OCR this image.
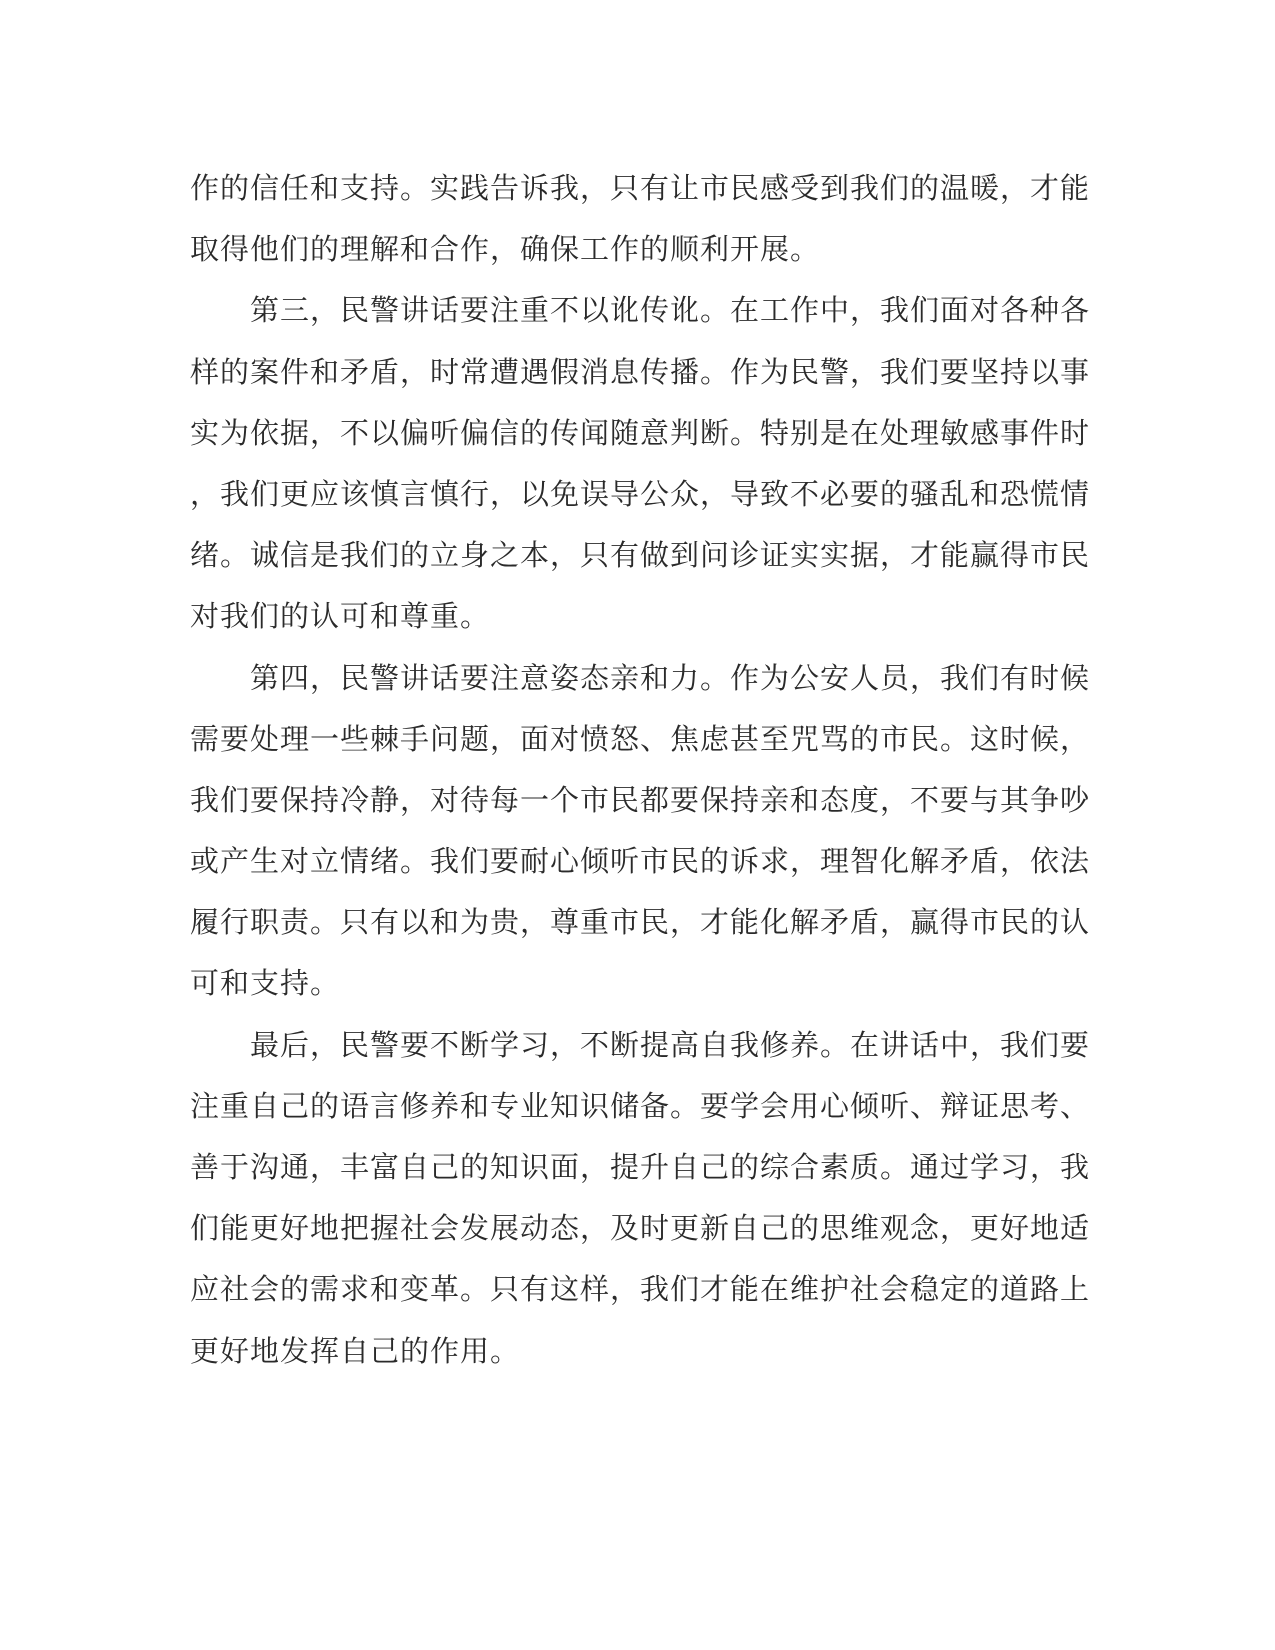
作的信任和支持。实践告诉我，只有让市民感受到我们的温暖，才能
取得他们的理解和合作，确保工作的顺利开展。
　　第三，民警讲话要注重不以讹传讹。在工作中，我们面对各种各
样的案件和矛盾，时常遭遇假消息传播。作为民警，我们要坚持以事
实为依据，不以偏听偏信的传闻随意判断。特别是在处理敏感事件时
，我们更应该慎言慎行，以免误导公众，导致不必要的骚乱和恐慌情
绪。诚信是我们的立身之本，只有做到问诊证实实据，才能赢得市民
对我们的认可和尊重。
　　第四，民警讲话要注意姿态亲和力。作为公安人员，我们有时候
需要处理一些棘手问题，面对愤怒、焦虑甚至咒骂的市民。这时候，
我们要保持冷静，对待每一个市民都要保持亲和态度，不要与其争吵
或产生对立情绪。我们要耐心倾听市民的诉求，理智化解矛盾，依法
履行职责。只有以和为贵，尊重市民，才能化解矛盾，赢得市民的认
可和支持。
　　最后，民警要不断学习，不断提高自我修养。在讲话中，我们要
注重自己的语言修养和专业知识储备。要学会用心倾听、辩证思考、
善于沟通，丰富自己的知识面，提升自己的综合素质。通过学习，我
们能更好地把握社会发展动态，及时更新自己的思维观念，更好地适
应社会的需求和变革。只有这样，我们才能在维护社会稳定的道路上
更好地发挥自己的作用。
